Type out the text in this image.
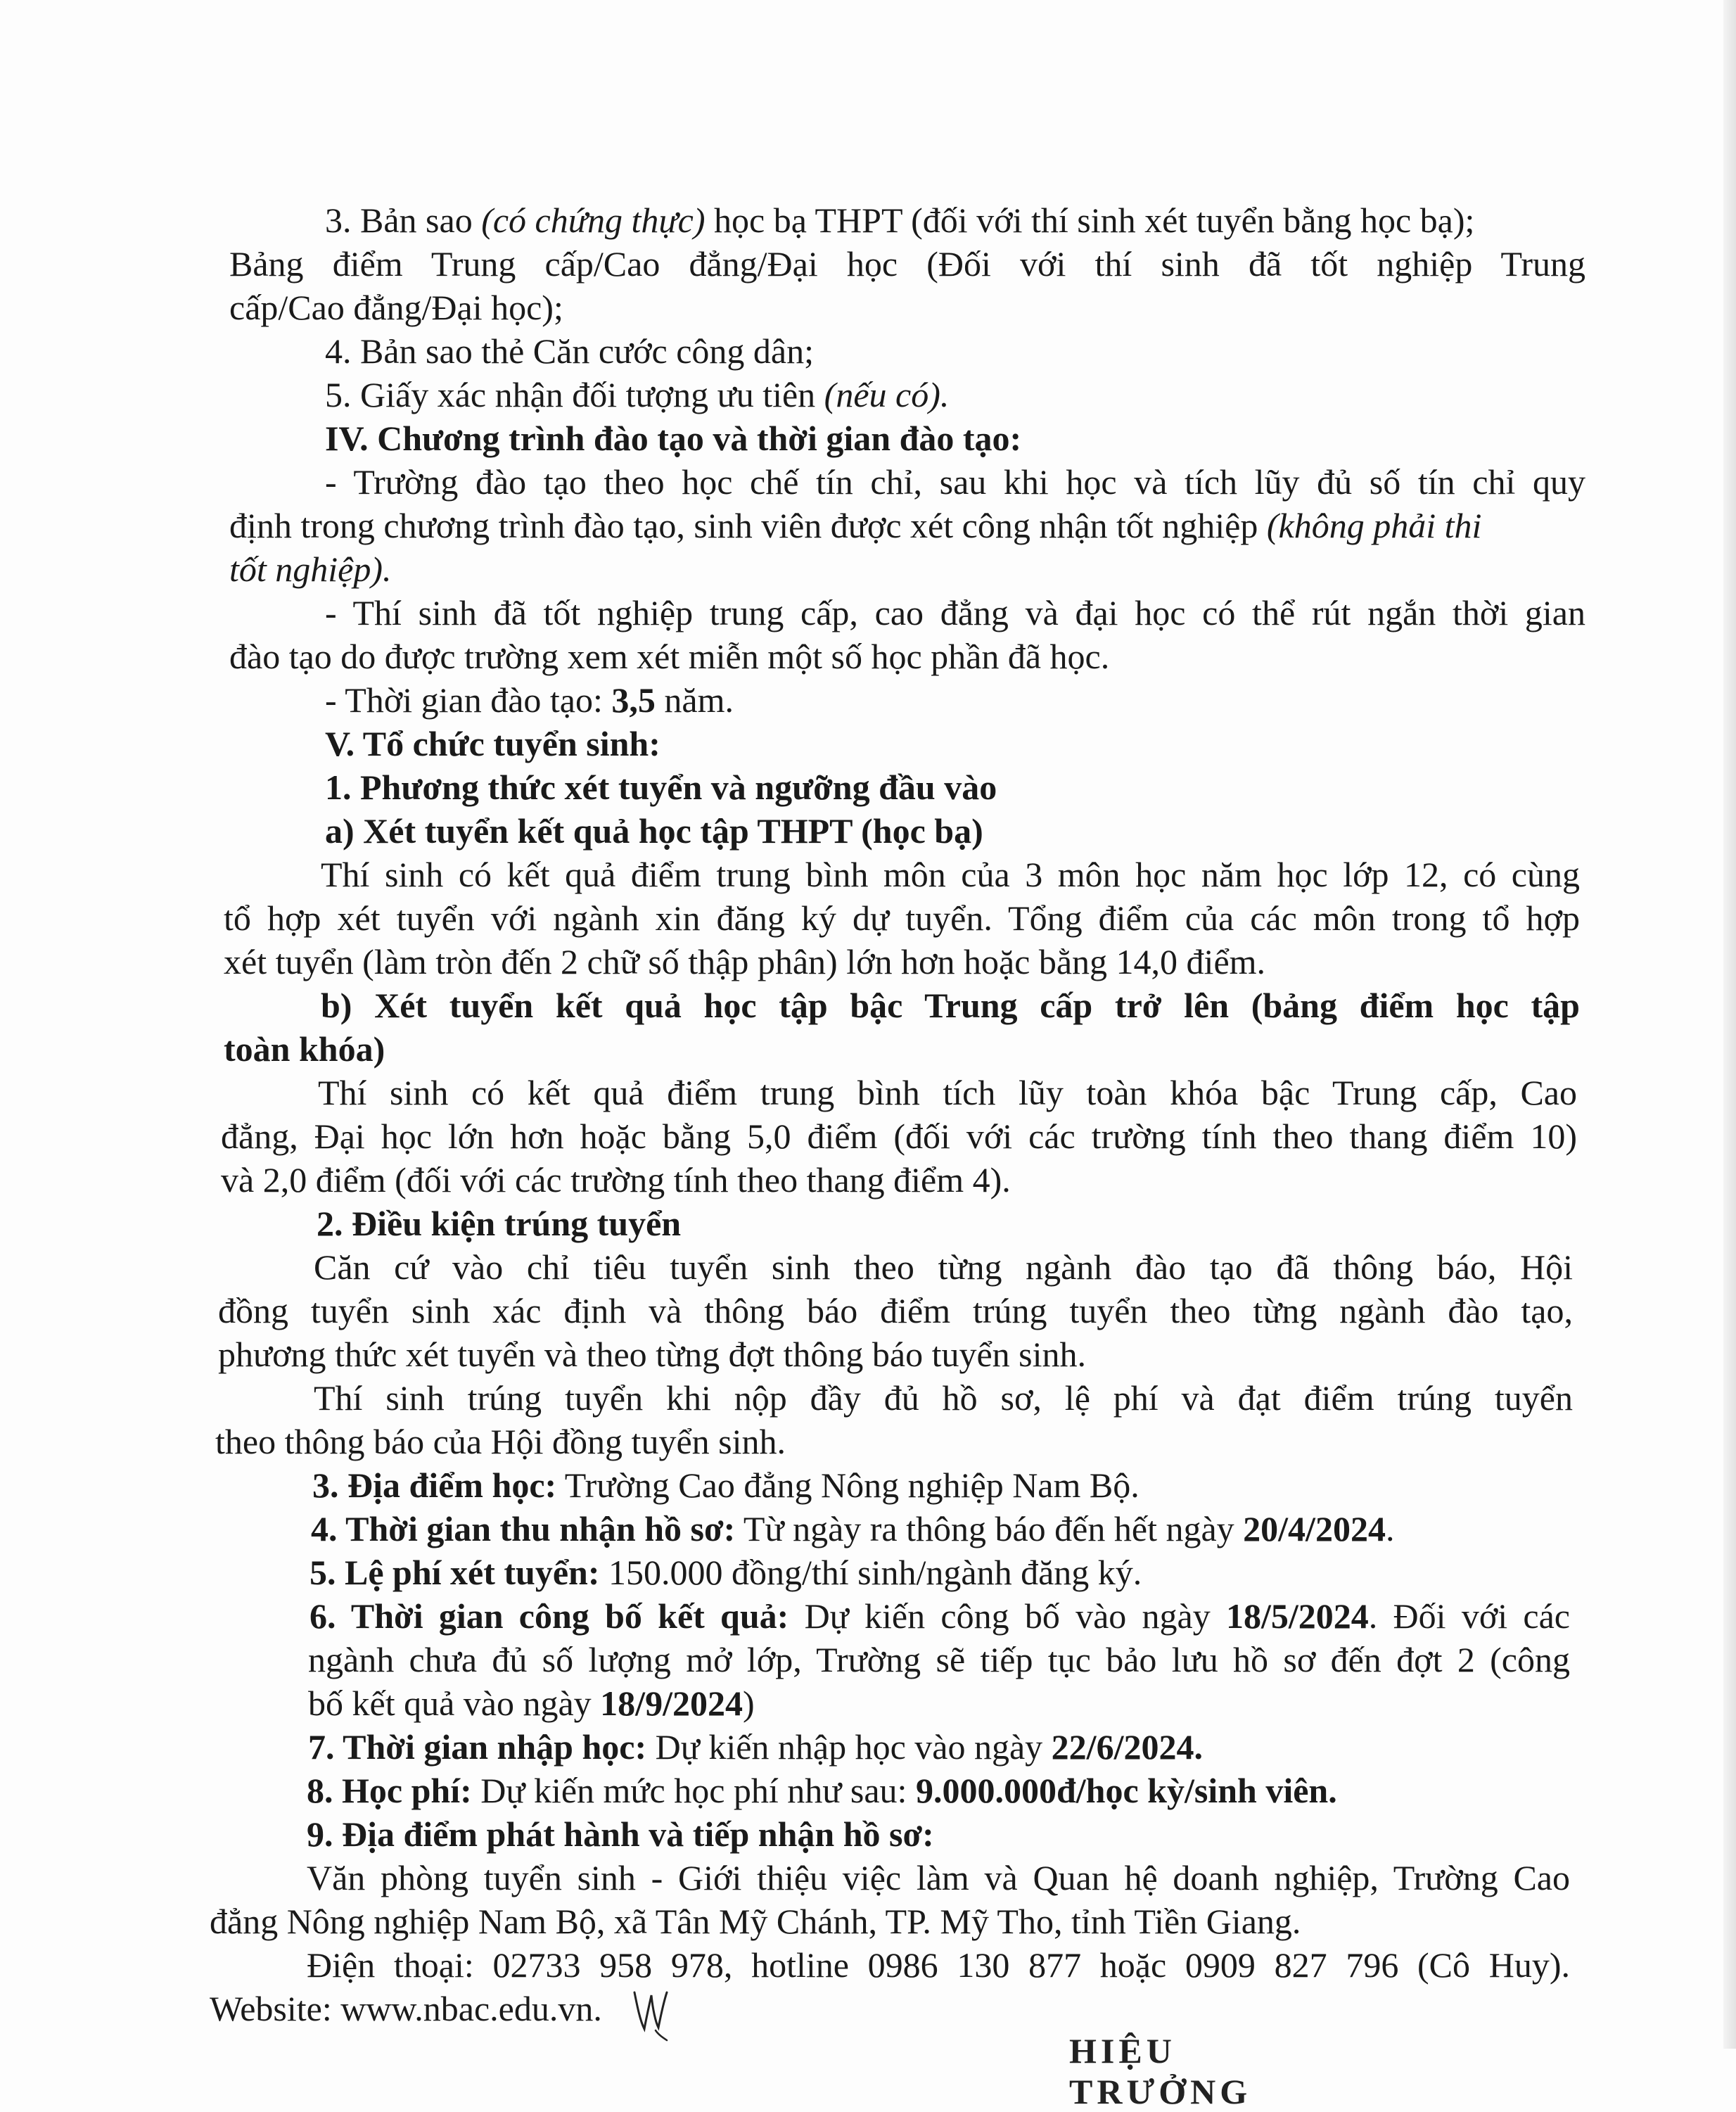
3. Bản sao (có chứng thực) học bạ THPT (đối với thí sinh xét tuyển bằng học bạ);
Bảng điểm Trung cấp/Cao đẳng/Đại học (Đối với thí sinh đã tốt nghiệp Trung
cấp/Cao đẳng/Đại học);
4. Bản sao thẻ Căn cước công dân;
5. Giấy xác nhận đối tượng ưu tiên (nếu có).
IV. Chương trình đào tạo và thời gian đào tạo:
- Trường đào tạo theo học chế tín chỉ, sau khi học và tích lũy đủ số tín chỉ quy
định trong chương trình đào tạo, sinh viên được xét công nhận tốt nghiệp (không phải thi
tốt nghiệp).
- Thí sinh đã tốt nghiệp trung cấp, cao đẳng và đại học có thể rút ngắn thời gian
đào tạo do được trường xem xét miễn một số học phần đã học.
- Thời gian đào tạo: 3,5 năm.
V. Tổ chức tuyển sinh:
1. Phương thức xét tuyển và ngưỡng đầu vào
a) Xét tuyển kết quả học tập THPT (học bạ)
Thí sinh có kết quả điểm trung bình môn của 3 môn học năm học lớp 12, có cùng
tổ hợp xét tuyển với ngành xin đăng ký dự tuyển. Tổng điểm của các môn trong tổ hợp
xét tuyển (làm tròn đến 2 chữ số thập phân) lớn hơn hoặc bằng 14,0 điểm.
b) Xét tuyển kết quả học tập bậc Trung cấp trở lên (bảng điểm học tập
toàn khóa)
Thí sinh có kết quả điểm trung bình tích lũy toàn khóa bậc Trung cấp, Cao
đẳng, Đại học lớn hơn hoặc bằng 5,0 điểm (đối với các trường tính theo thang điểm 10)
và 2,0 điểm (đối với các trường tính theo thang điểm 4).
2. Điều kiện trúng tuyển
Căn cứ vào chỉ tiêu tuyển sinh theo từng ngành đào tạo đã thông báo, Hội
đồng tuyển sinh xác định và thông báo điểm trúng tuyển theo từng ngành đào tạo,
phương thức xét tuyển và theo từng đợt thông báo tuyển sinh.
Thí sinh trúng tuyển khi nộp đầy đủ hồ sơ, lệ phí và đạt điểm trúng tuyển
theo thông báo của Hội đồng tuyển sinh.
3. Địa điểm học: Trường Cao đẳng Nông nghiệp Nam Bộ.
4. Thời gian thu nhận hồ sơ: Từ ngày ra thông báo đến hết ngày 20/4/2024.
5. Lệ phí xét tuyển: 150.000 đồng/thí sinh/ngành đăng ký.
6. Thời gian công bố kết quả: Dự kiến công bố vào ngày 18/5/2024. Đối với các
ngành chưa đủ số lượng mở lớp, Trường sẽ tiếp tục bảo lưu hồ sơ đến đợt 2 (công
bố kết quả vào ngày 18/9/2024)
7. Thời gian nhập học: Dự kiến nhập học vào ngày 22/6/2024.
8. Học phí: Dự kiến mức học phí như sau: 9.000.000đ/học kỳ/sinh viên.
9. Địa điểm phát hành và tiếp nhận hồ sơ:
Văn phòng tuyển sinh - Giới thiệu việc làm và Quan hệ doanh nghiệp, Trường Cao
đẳng Nông nghiệp Nam Bộ, xã Tân Mỹ Chánh, TP. Mỹ Tho, tỉnh Tiền Giang.
Điện thoại: 02733 958 978, hotline 0986 130 877 hoặc 0909 827 796 (Cô Huy).
Website: www.nbac.edu.vn.
HIỆU TRƯỞNG
